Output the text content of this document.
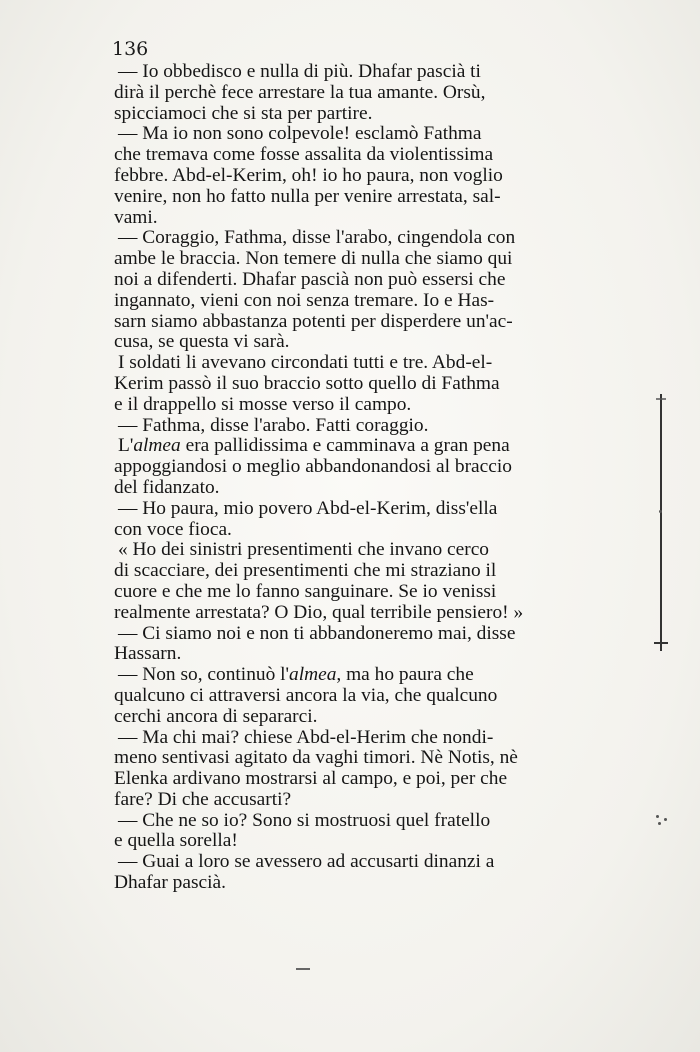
136
— Io obbedisco e nulla di più. Dhafar pascià ti
dirà il perchè fece arrestare la tua amante. Orsù,
spicciamoci che si sta per partire.
— Ma io non sono colpevole! esclamò Fathma
che tremava come fosse assalita da violentissima
febbre. Abd-el-Kerim, oh! io ho paura, non voglio
venire, non ho fatto nulla per venire arrestata, sal-
vami.
— Coraggio, Fathma, disse l'arabo, cingendola con
ambe le braccia. Non temere di nulla che siamo qui
noi a difenderti. Dhafar pascià non può essersi che
ingannato, vieni con noi senza tremare. Io e Has-
sarn siamo abbastanza potenti per disperdere un'ac-
cusa, se questa vi sarà.
I soldati li avevano circondati tutti e tre. Abd-el-
Kerim passò il suo braccio sotto quello di Fathma
e il drappello si mosse verso il campo.
— Fathma, disse l'arabo. Fatti coraggio.
L'almea era pallidissima e camminava a gran pena
appoggiandosi o meglio abbandonandosi al braccio
del fidanzato.
— Ho paura, mio povero Abd-el-Kerim, diss'ella
con voce fioca.
« Ho dei sinistri presentimenti che invano cerco
di scacciare, dei presentimenti che mi straziano il
cuore e che me lo fanno sanguinare. Se io venissi
realmente arrestata? O Dio, qual terribile pensiero! »
— Ci siamo noi e non ti abbandoneremo mai, disse
Hassarn.
— Non so, continuò l'almea, ma ho paura che
qualcuno ci attraversi ancora la via, che qualcuno
cerchi ancora di separarci.
— Ma chi mai? chiese Abd-el-Herim che nondi-
meno sentivasi agitato da vaghi timori. Nè Notis, nè
Elenka ardivano mostrarsi al campo, e poi, per che
fare? Di che accusarti?
— Che ne so io? Sono si mostruosi quel fratello
e quella sorella!
— Guai a loro se avessero ad accusarti dinanzi a
Dhafar pascià.
